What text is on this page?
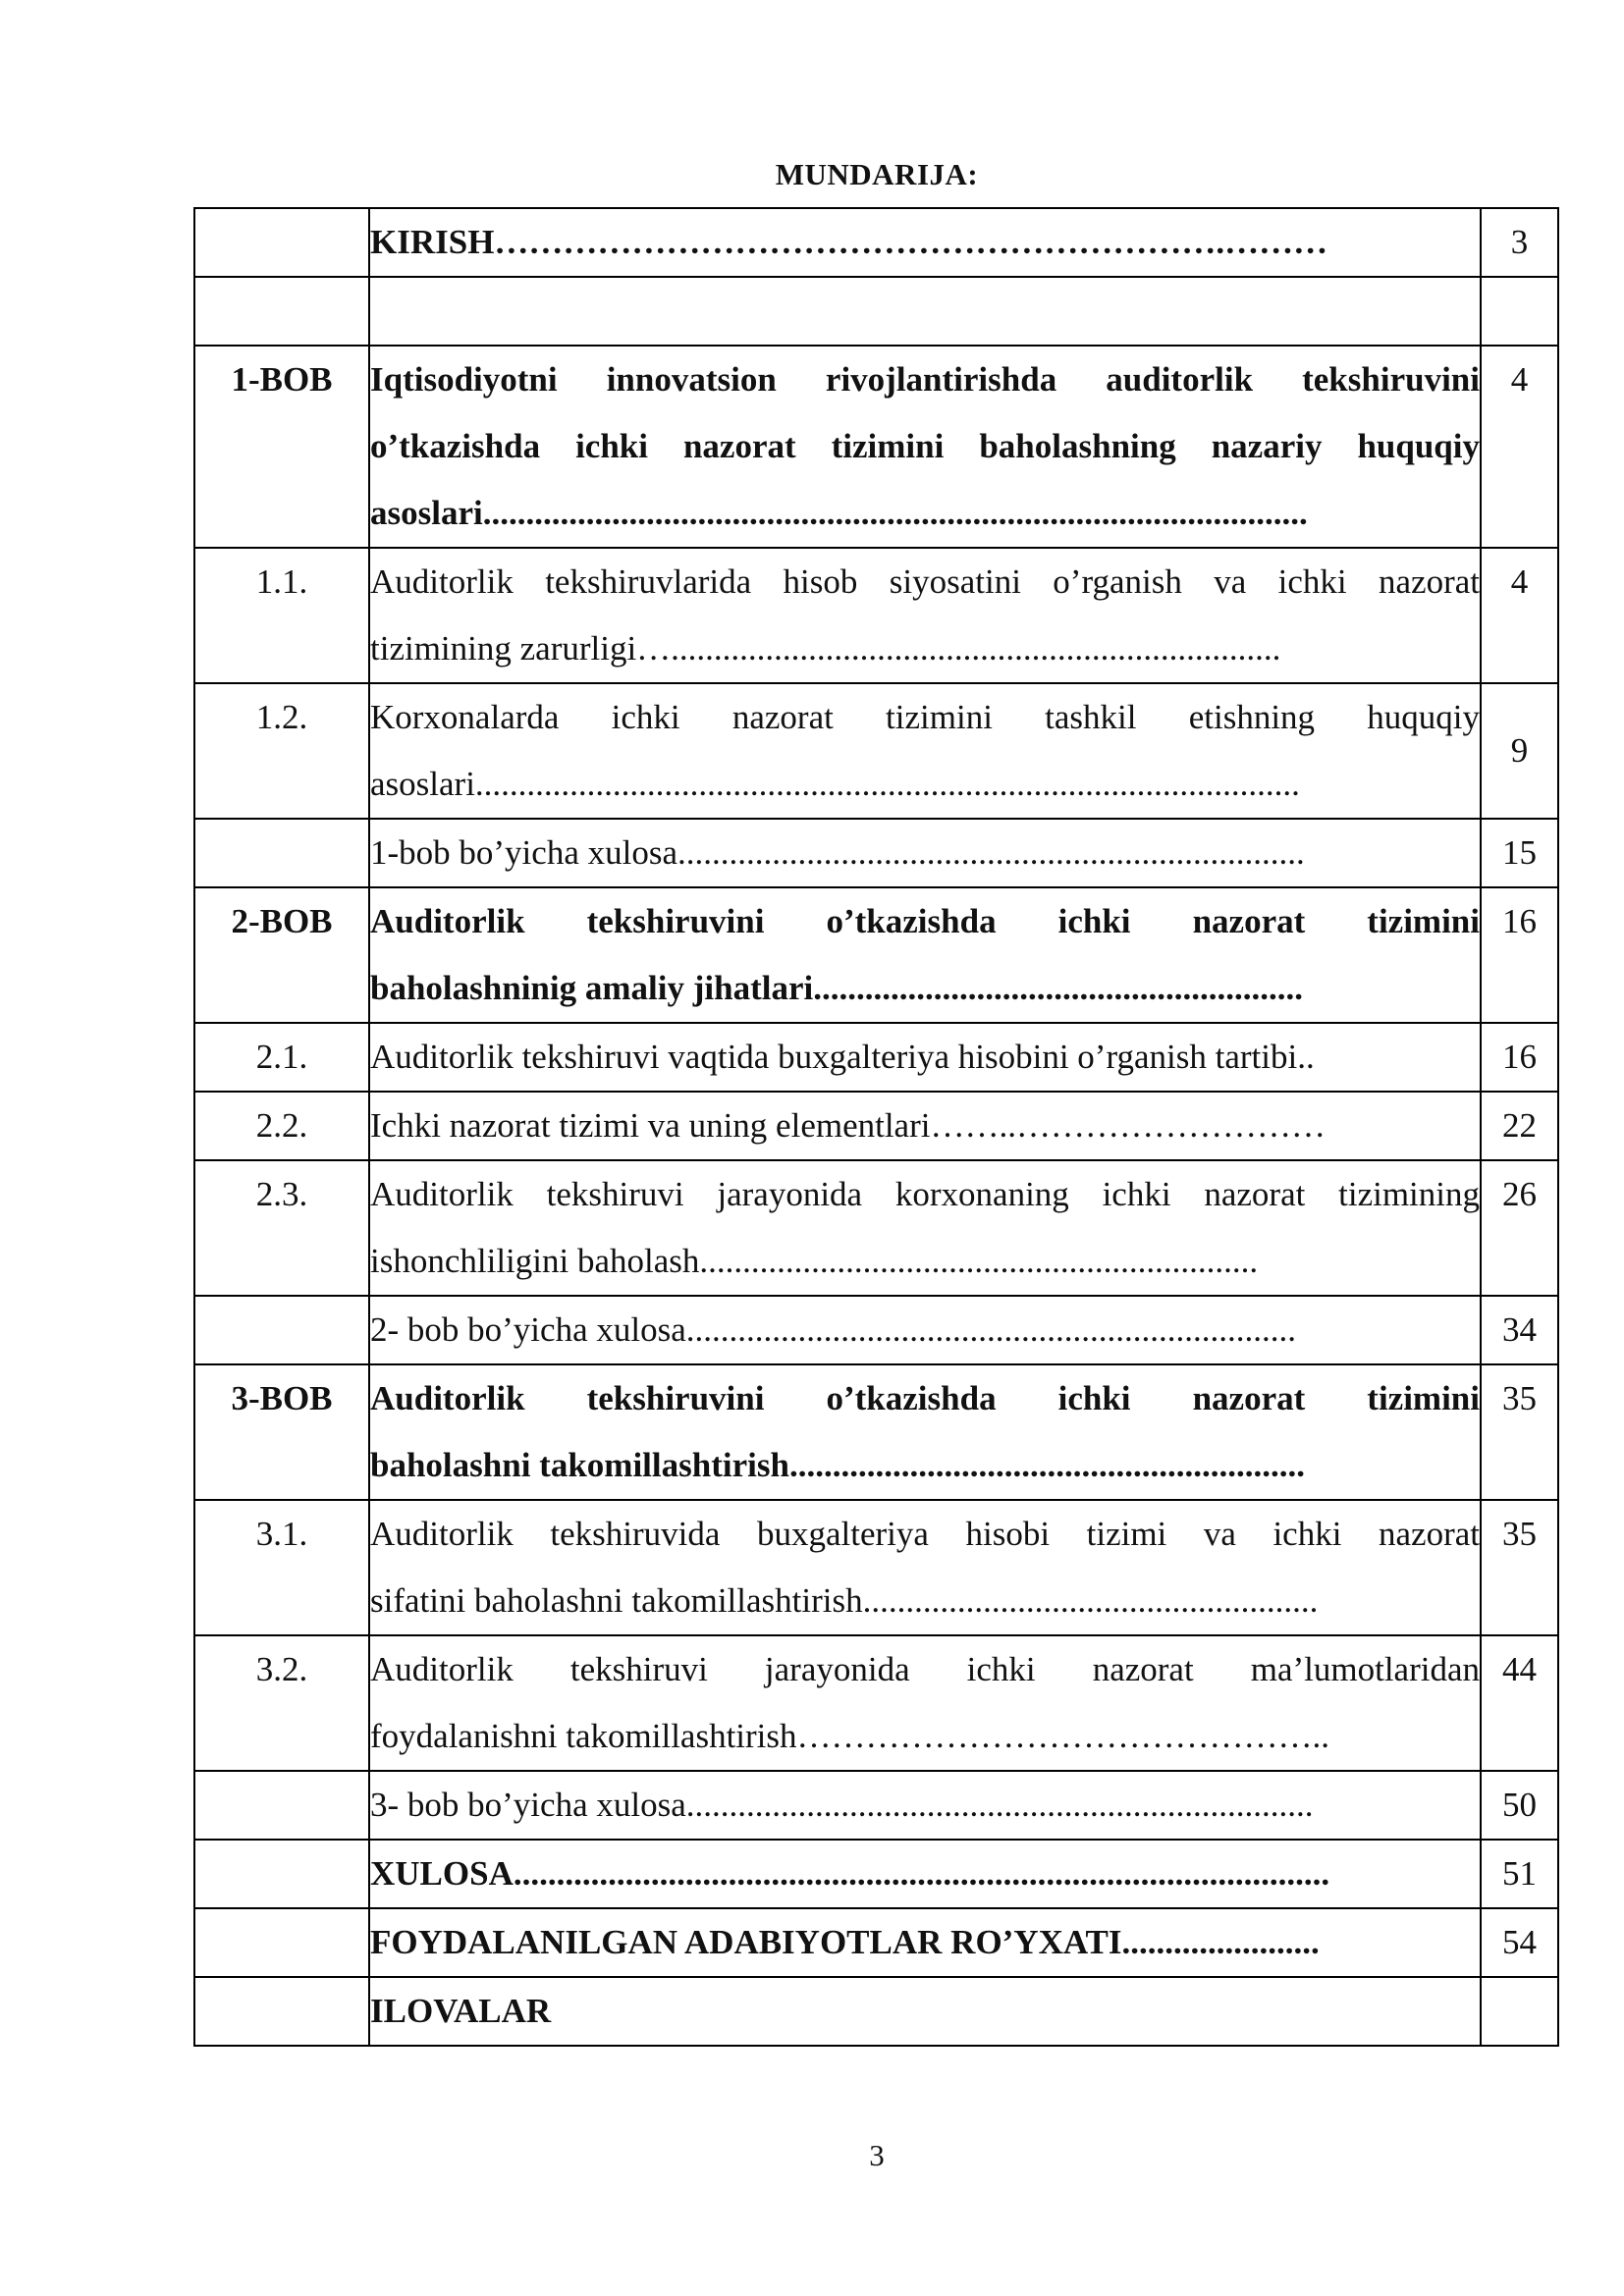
MUNDARIJA:

	KIRISH……………………………………………………….………	3

1-BOB	Iqtisodiyotni innovatsion rivojlantirishda auditorlik tekshiruvini
o’tkazishda ichki nazorat tizimini baholashning nazariy huquqiy
asoslari................................................................................................	4
1.1.	Auditorlik tekshiruvlarida hisob siyosatini o’rganish va ichki nazorat
tizimining zarurligi….......................................................................	4
1.2.	Korxonalarda ichki nazorat tizimini tashkil etishning huquqiy
asoslari................................................................................................	9

	1-bob bo’yicha xulosa.........................................................................	15
2-BOB	Auditorlik tekshiruvini o’tkazishda ichki nazorat tizimini
baholashninig amaliy jihatlari.........................................................	16
2.1.	Auditorlik tekshiruvi vaqtida buxgalteriya hisobini o’rganish tartibi..	16
2.2.	Ichki nazorat tizimi va uning elementlari……..………………………	22
2.3.	Auditorlik tekshiruvi jarayonida korxonaning ichki nazorat tizimining
ishonchliligini baholash.................................................................	26

	2- bob bo’yicha xulosa.......................................................................	34
3-BOB	Auditorlik tekshiruvini o’tkazishda ichki nazorat tizimini
baholashni takomillashtirish............................................................	35
3.1.	Auditorlik tekshiruvida buxgalteriya hisobi tizimi va ichki nazorat
sifatini baholashni takomillashtirish.....................................................	35
3.2.	Auditorlik tekshiruvi jarayonida ichki nazorat ma’lumotlaridan
foydalanishni takomillashtirish………………………………………..	44

	3- bob bo’yicha xulosa.........................................................................	50

	XULOSA...............................................................................................	51

	FOYDALANILGAN ADABIYOTLAR RO’YXATI.......................	54

	ILOVALAR	

3
